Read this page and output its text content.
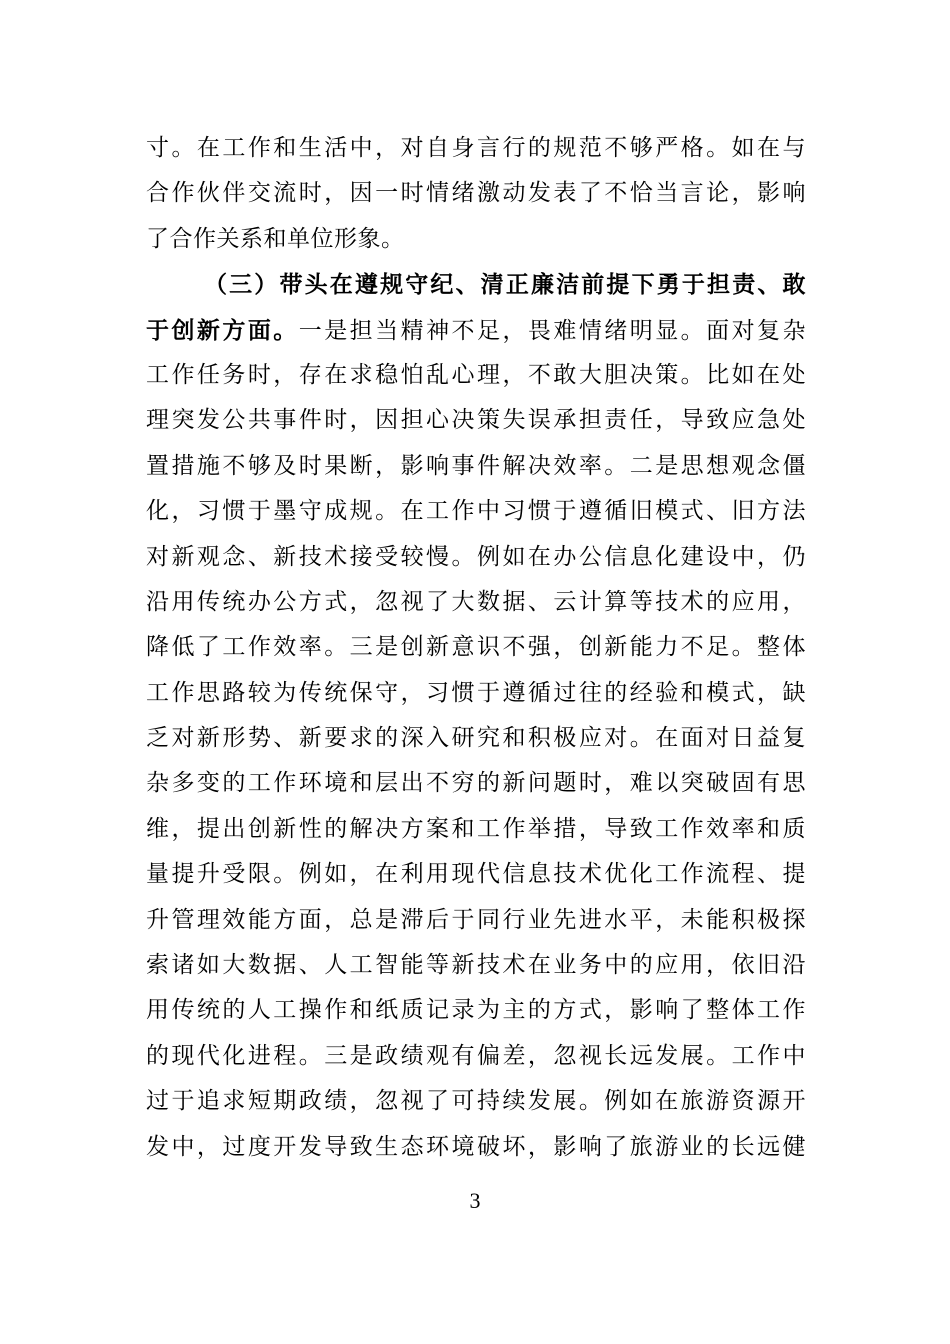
寸。在工作和生活中，对自身言行的规范不够严格。如在与
合作伙伴交流时，因一时情绪激动发表了不恰当言论，影响
了合作关系和单位形象。
（三）带头在遵规守纪、清正廉洁前提下勇于担责、敢
于创新方面。一是担当精神不足，畏难情绪明显。面对复杂
工作任务时，存在求稳怕乱心理，不敢大胆决策。比如在处
理突发公共事件时，因担心决策失误承担责任，导致应急处
置措施不够及时果断，影响事件解决效率。二是思想观念僵
化，习惯于墨守成规。在工作中习惯于遵循旧模式、旧方法
对新观念、新技术接受较慢。例如在办公信息化建设中，仍
沿用传统办公方式，忽视了大数据、云计算等技术的应用，
降低了工作效率。三是创新意识不强，创新能力不足。整体
工作思路较为传统保守，习惯于遵循过往的经验和模式，缺
乏对新形势、新要求的深入研究和积极应对。在面对日益复
杂多变的工作环境和层出不穷的新问题时，难以突破固有思
维，提出创新性的解决方案和工作举措，导致工作效率和质
量提升受限。例如，在利用现代信息技术优化工作流程、提
升管理效能方面，总是滞后于同行业先进水平，未能积极探
索诸如大数据、人工智能等新技术在业务中的应用，依旧沿
用传统的人工操作和纸质记录为主的方式，影响了整体工作
的现代化进程。三是政绩观有偏差，忽视长远发展。工作中
过于追求短期政绩，忽视了可持续发展。例如在旅游资源开
发中，过度开发导致生态环境破坏，影响了旅游业的长远健
3
